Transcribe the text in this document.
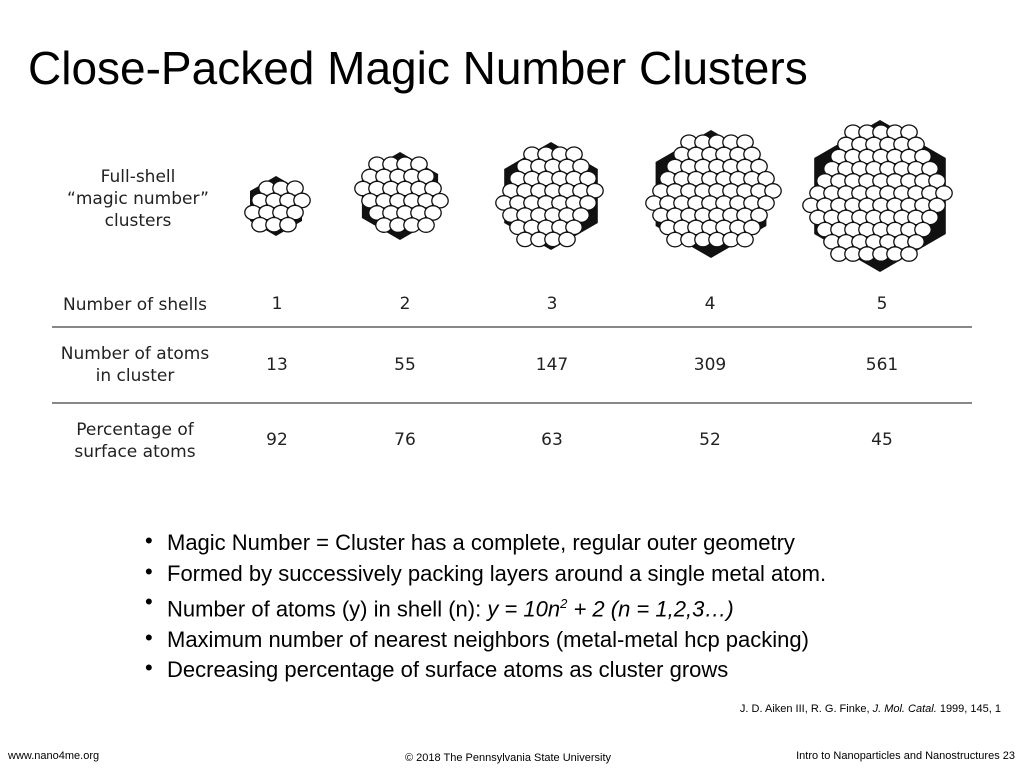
Close-Packed Magic Number Clusters
Full-shell
“magic number”
clusters
Number of shells	1	2	3	4	5
Number of atoms
in cluster
13	55	147	309	561
Percentage of
surface atoms
92	76	63	52	45
• Magic Number = Cluster has a complete, regular outer geometry
• Formed by successively packing layers around a single metal atom.
• Number of atoms (y) in shell (n): $y = 10n^2 + 2$ (n = 1,2,3…)
• Maximum number of nearest neighbors (metal-metal hcp packing)
• Decreasing percentage of surface atoms as cluster grows
J. D. Aiken III, R. G. Finke, J. Mol. Catal. 1999, 145, 1
www.nano4me.org	© 2018 The Pennsylvania State University	Intro to Nanoparticles and Nanostructures 23
